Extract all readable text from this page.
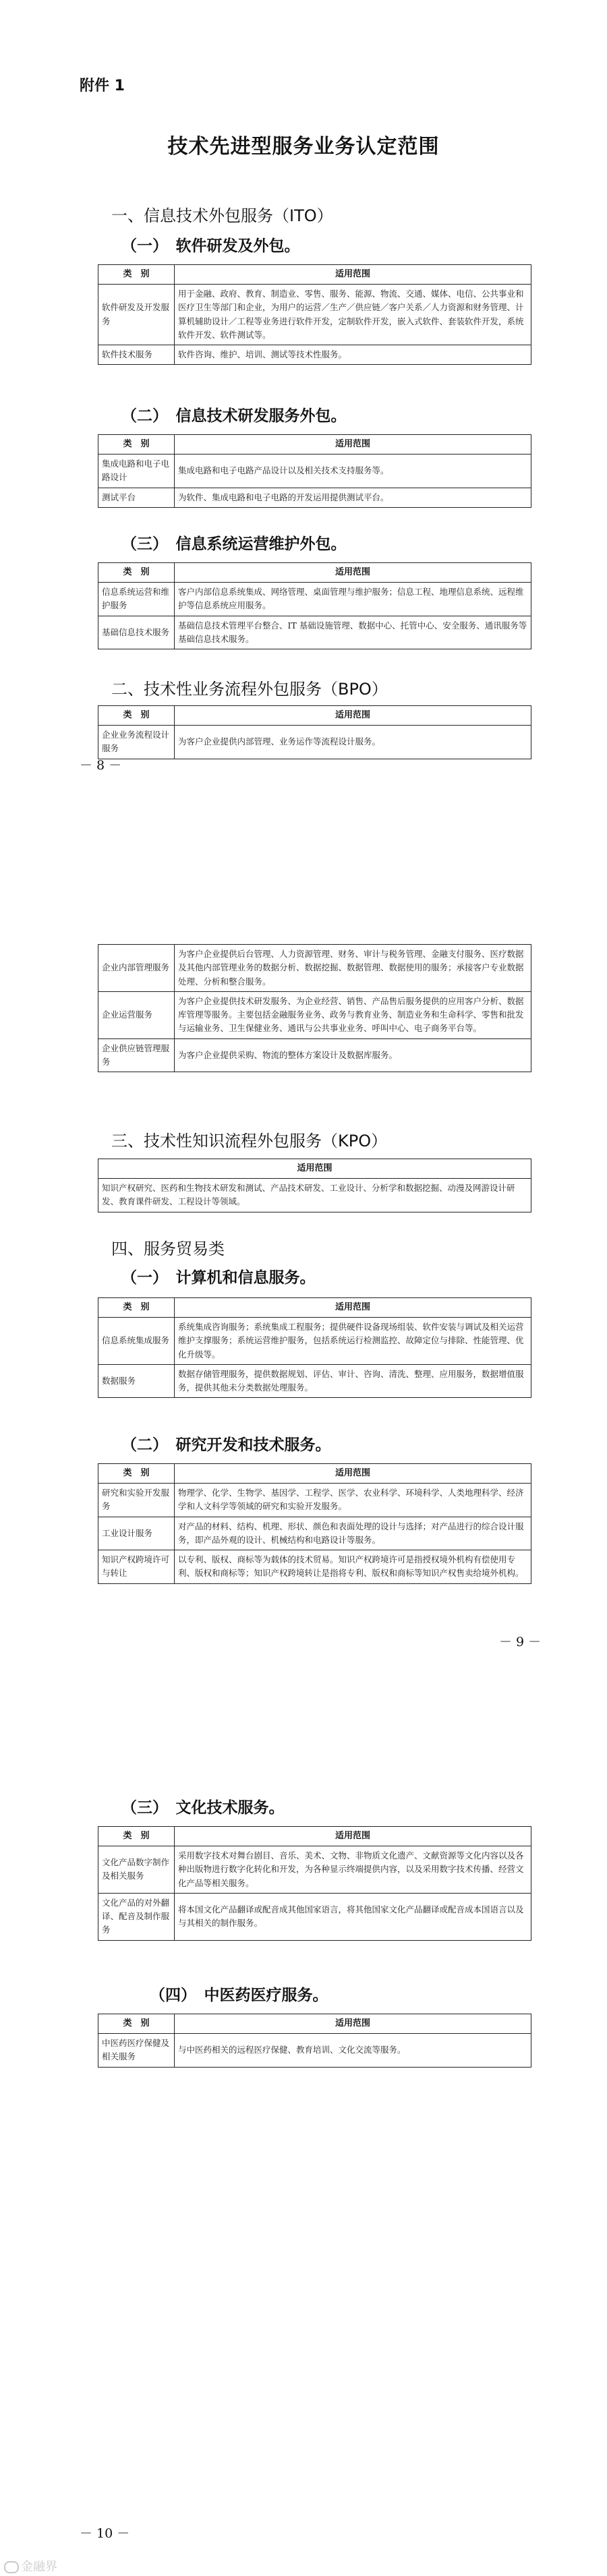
附件 1
技术先进型服务业务认定范围
一、信息技术外包服务（ITO）
（一）　软件研发及外包。
类　别	适用范围
软件研发及开发服务	用于金融、政府、教育、制造业、零售、服务、能源、物流、交通、媒体、电信、公共事业和医疗卫生等部门和企业，为用户的运营／生产／供应链／客户关系／人力资源和财务管理、计算机辅助设计／工程等业务进行软件开发，定制软件开发，嵌入式软件、套装软件开发，系统软件开发、软件测试等。
软件技术服务	软件咨询、维护、培训、测试等技术性服务。
（二）　信息技术研发服务外包。
类　别	适用范围
集成电路和电子电路设计	集成电路和电子电路产品设计以及相关技术支持服务等。
测试平台	为软件、集成电路和电子电路的开发运用提供测试平台。
（三）　信息系统运营维护外包。
类　别	适用范围
信息系统运营和维护服务	客户内部信息系统集成、网络管理、桌面管理与维护服务；信息工程、地理信息系统、远程维护等信息系统应用服务。
基础信息技术服务	基础信息技术管理平台整合、IT 基础设施管理、数据中心、托管中心、安全服务、通讯服务等基础信息技术服务。
二、技术性业务流程外包服务（BPO）
类　别	适用范围
企业业务流程设计服务	为客户企业提供内部管理、业务运作等流程设计服务。
－ 8 －
企业内部管理服务	为客户企业提供后台管理、人力资源管理、财务、审计与税务管理、金融支付服务、医疗数据及其他内部管理业务的数据分析、数据挖掘、数据管理、数据使用的服务；承接客户专业数据处理、分析和整合服务。
企业运营服务	为客户企业提供技术研发服务、为企业经营、销售、产品售后服务提供的应用客户分析、数据库管理等服务。主要包括金融服务业务、政务与教育业务、制造业务和生命科学、零售和批发与运输业务、卫生保健业务、通讯与公共事业业务、呼叫中心、电子商务平台等。
企业供应链管理服务	为客户企业提供采购、物流的整体方案设计及数据库服务。
三、技术性知识流程外包服务（KPO）
适用范围
知识产权研究、医药和生物技术研发和测试、产品技术研发、工业设计、分析学和数据挖掘、动漫及网游设计研发、教育课件研发、工程设计等领域。
四、服务贸易类
（一）　计算机和信息服务。
类　别	适用范围
信息系统集成服务	系统集成咨询服务；系统集成工程服务；提供硬件设备现场组装、软件安装与调试及相关运营维护支撑服务；系统运营维护服务，包括系统运行检测监控、故障定位与排除、性能管理、优化升级等。
数据服务	数据存储管理服务，提供数据规划、评估、审计、咨询、清洗、整理、应用服务，数据增值服务，提供其他未分类数据处理服务。
（二）　研究开发和技术服务。
类　别	适用范围
研究和实验开发服务	物理学、化学、生物学、基因学、工程学、医学、农业科学、环境科学、人类地理科学、经济学和人文科学等领域的研究和实验开发服务。
工业设计服务	对产品的材料、结构、机理、形状、颜色和表面处理的设计与选择；对产品进行的综合设计服务，即产品外观的设计、机械结构和电路设计等服务。
知识产权跨境许可与转让	以专利、版权、商标等为载体的技术贸易。知识产权跨境许可是指授权境外机构有偿使用专利、版权和商标等；知识产权跨境转让是指将专利、版权和商标等知识产权售卖给境外机构。
－ 9 －
（三）　文化技术服务。
类　别	适用范围
文化产品数字制作及相关服务	采用数字技术对舞台剧目、音乐、美术、文物、非物质文化遗产、文献资源等文化内容以及各种出版物进行数字化转化和开发，为各种显示终端提供内容，以及采用数字技术传播、经营文化产品等相关服务。
文化产品的对外翻译、配音及制作服务	将本国文化产品翻译或配音成其他国家语言，将其他国家文化产品翻译或配音成本国语言以及与其相关的制作服务。
（四）　中医药医疗服务。
类　别	适用范围
中医药医疗保健及相关服务	与中医药相关的远程医疗保健、教育培训、文化交流等服务。
金融界
－ 10 －
